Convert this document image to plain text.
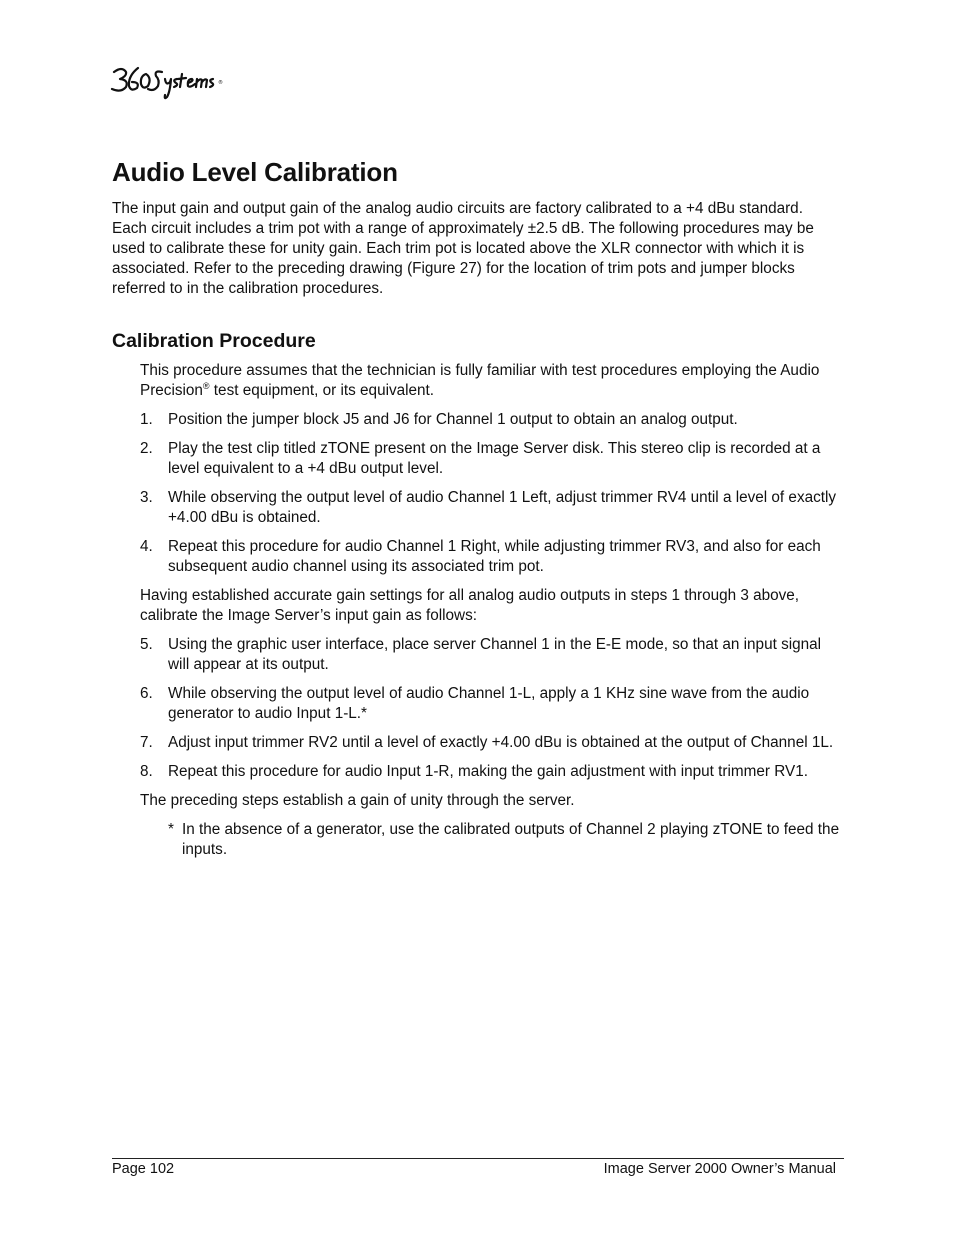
®
Audio Level Calibration

The input gain and output gain of the analog audio circuits are factory calibrated to a +4 dBu standard. Each circuit includes a trim pot with a range of approximately ±2.5 dB. The following procedures may be used to calibrate these for unity gain. Each trim pot is located above the XLR connector with which it is associated. Refer to the preceding drawing (Figure 27) for the location of trim pots and jumper blocks referred to in the calibration procedures.

Calibration Procedure

This procedure assumes that the technician is fully familiar with test procedures employing the Audio Precision® test equipment, or its equivalent.

1. Position the jumper block J5 and J6 for Channel 1 output to obtain an analog output.
2. Play the test clip titled zTONE present on the Image Server disk. This stereo clip is recorded at a level equivalent to a +4 dBu output level.
3. While observing the output level of audio Channel 1 Left, adjust trimmer RV4 until a level of exactly +4.00 dBu is obtained.
4. Repeat this procedure for audio Channel 1 Right, while adjusting trimmer RV3, and also for each subsequent audio channel using its associated trim pot.

Having established accurate gain settings for all analog audio outputs in steps 1 through 3 above, calibrate the Image Server’s input gain as follows:

5. Using the graphic user interface, place server Channel 1 in the E-E mode, so that an input signal will appear at its output.
6. While observing the output level of audio Channel 1-L, apply a 1 KHz sine wave from the audio generator to audio Input 1-L.*
7. Adjust input trimmer RV2 until a level of exactly +4.00 dBu is obtained at the output of Channel 1L.
8. Repeat this procedure for audio Input 1-R, making the gain adjustment with input trimmer RV1.

The preceding steps establish a gain of unity through the server.

* In the absence of a generator, use the calibrated outputs of Channel 2 playing zTONE to feed the inputs.
Page 102	Image Server 2000 Owner’s Manual
